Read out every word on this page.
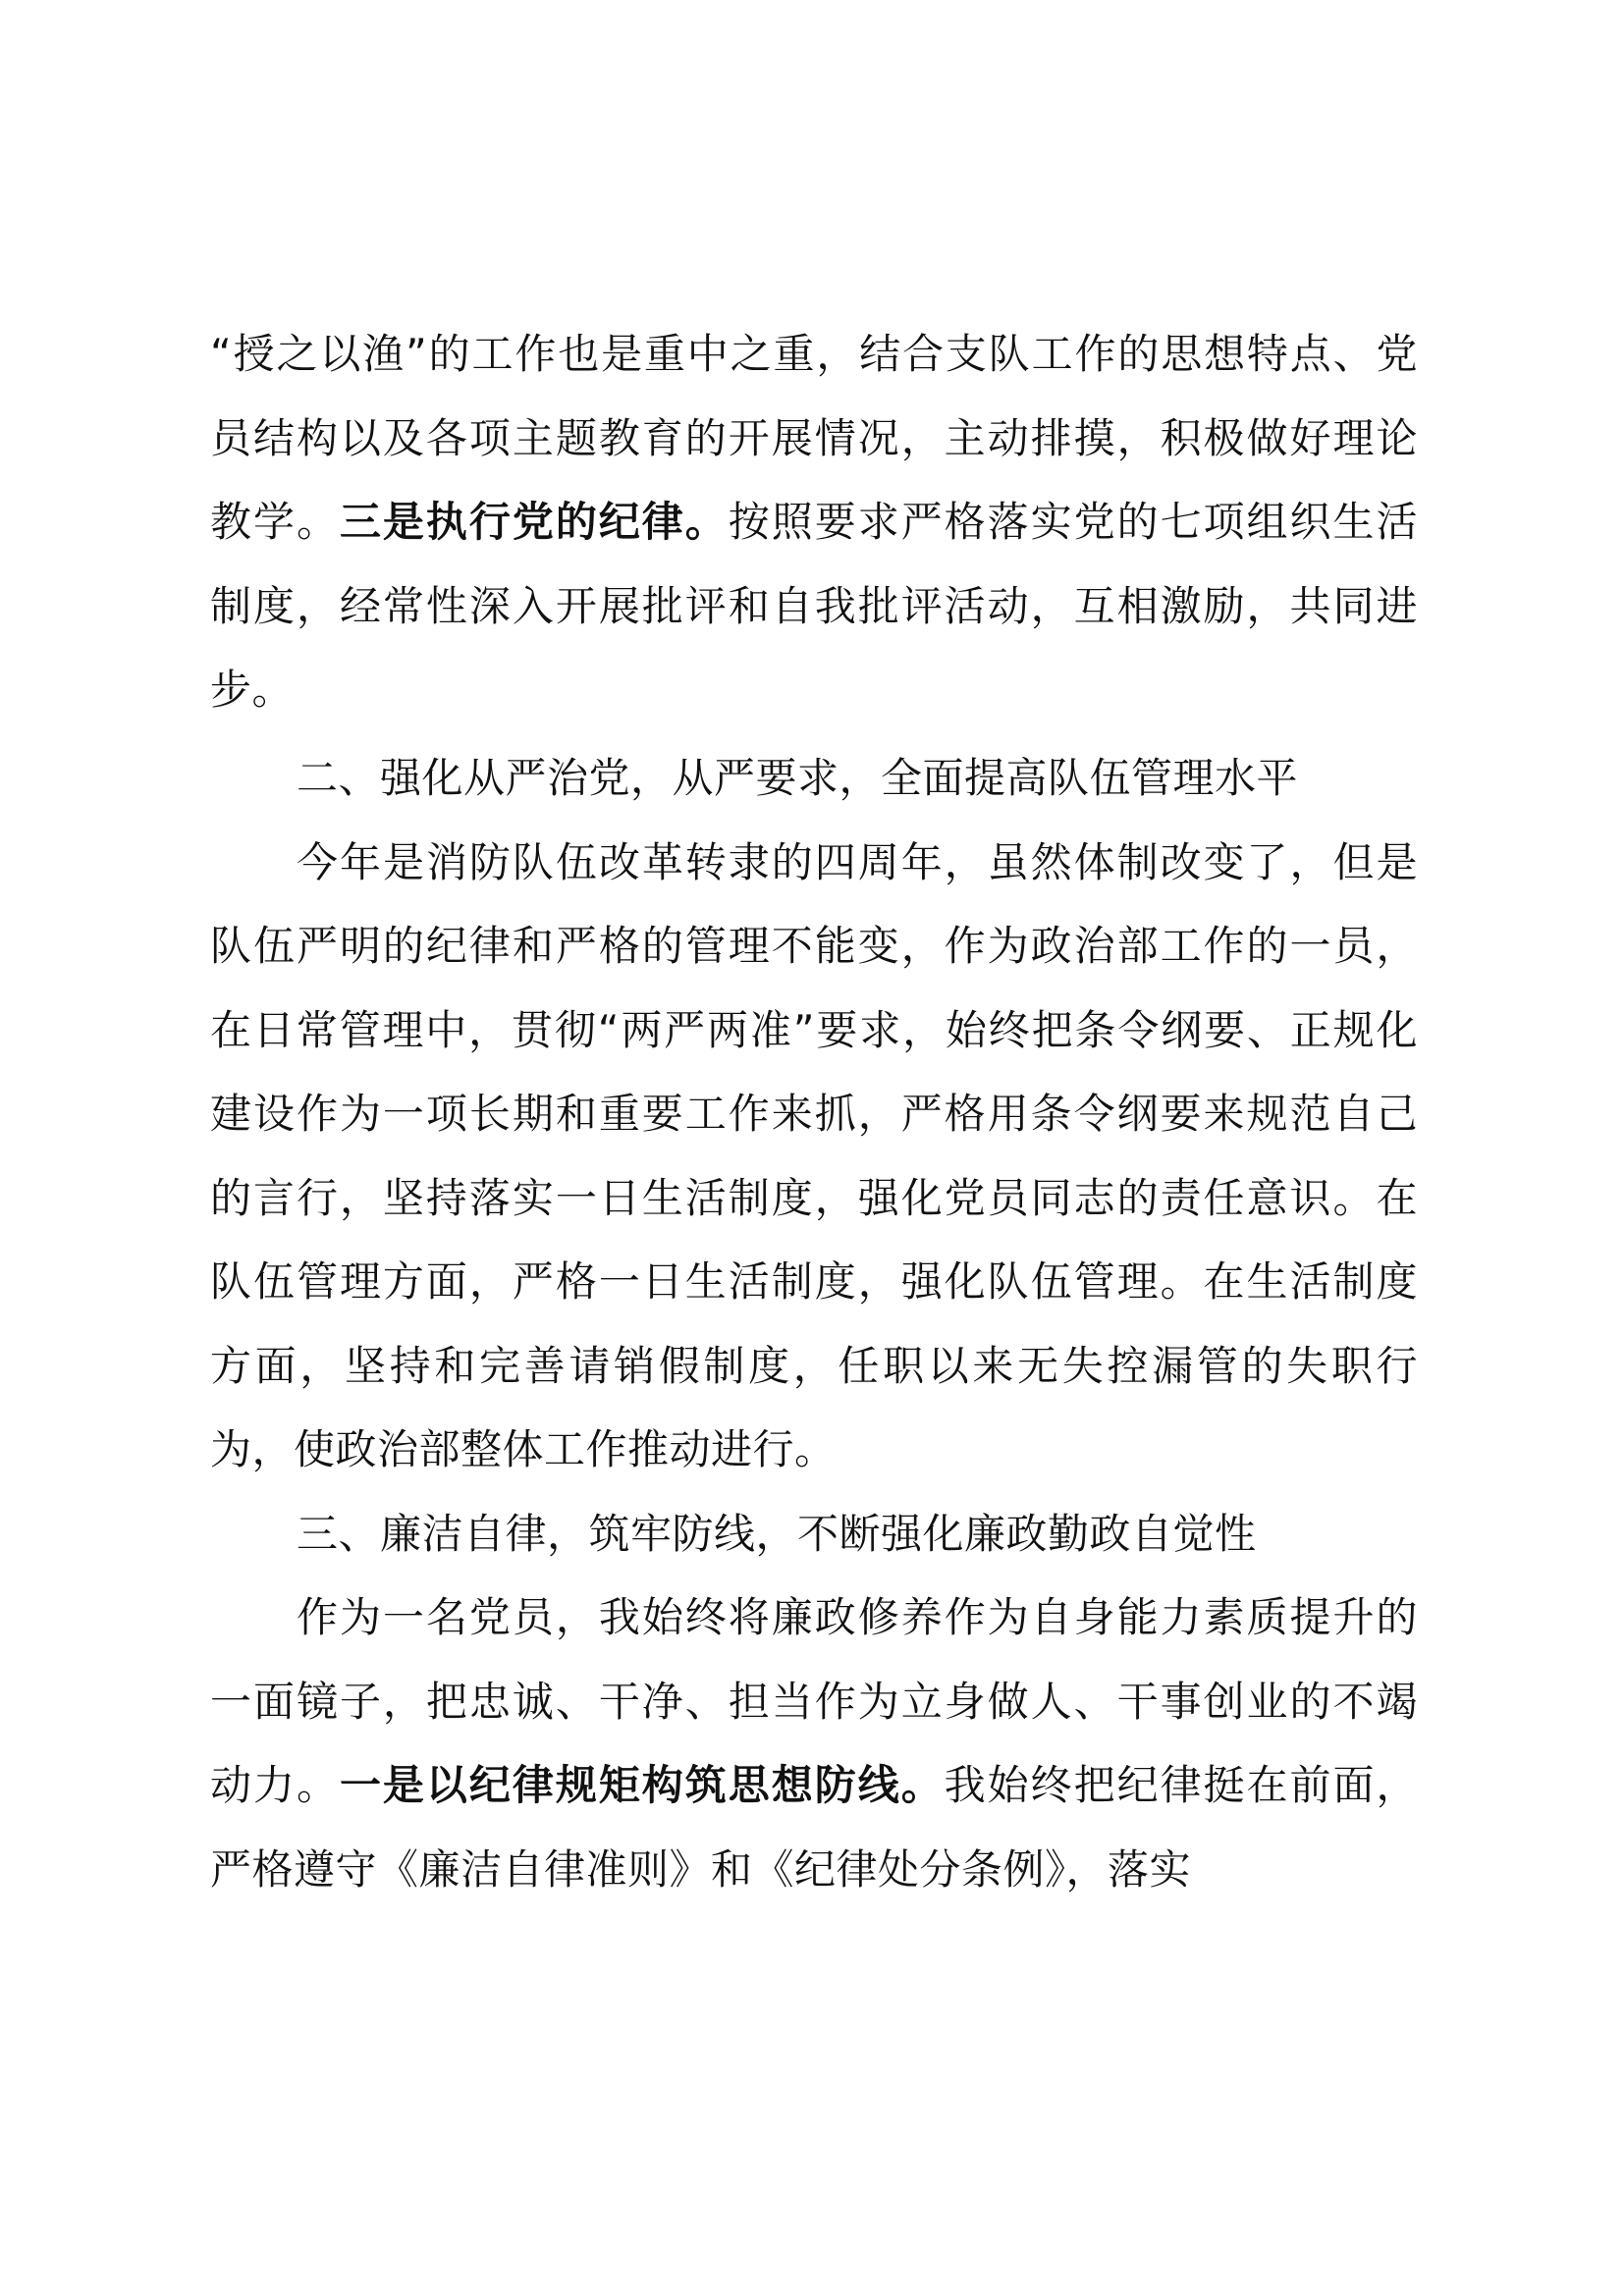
“授之以渔”的工作也是重中之重，结合支队工作的思想特点、党员结构以及各项主题教育的开展情况，主动排摸，积极做好理论教学。三是执行党的纪律。按照要求严格落实党的七项组织生活制度，经常性深入开展批评和自我批评活动，互相激励，共同进步。

二、强化从严治党，从严要求，全面提高队伍管理水平

今年是消防队伍改革转隶的四周年，虽然体制改变了，但是队伍严明的纪律和严格的管理不能变，作为政治部工作的一员，在日常管理中，贯彻“两严两准”要求，始终把条令纲要、正规化建设作为一项长期和重要工作来抓，严格用条令纲要来规范自己的言行，坚持落实一日生活制度，强化党员同志的责任意识。在队伍管理方面，严格一日生活制度，强化队伍管理。在生活制度方面，坚持和完善请销假制度，任职以来无失控漏管的失职行为，使政治部整体工作推动进行。

三、廉洁自律，筑牢防线，不断强化廉政勤政自觉性

作为一名党员，我始终将廉政修养作为自身能力素质提升的一面镜子，把忠诚、干净、担当作为立身做人、干事创业的不竭动力。一是以纪律规矩构筑思想防线。我始终把纪律挺在前面，严格遵守《廉洁自律准则》和《纪律处分条例》，落实
